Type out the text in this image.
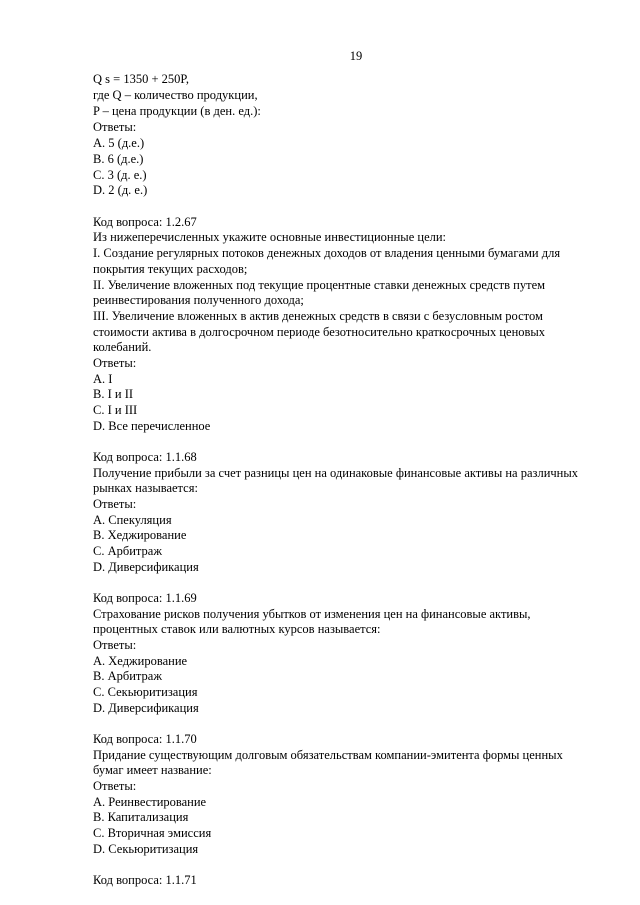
19
Q s = 1350 + 250P,
где Q – количество продукции,
P – цена продукции (в ден. ед.):
Ответы:
A. 5 (д.е.)
B. 6 (д.е.)
C. 3 (д. е.)
D. 2 (д. е.)
Код вопроса: 1.2.67
Из нижеперечисленных укажите основные инвестиционные цели:
I. Создание регулярных потоков денежных доходов от владения ценными бумагами для
покрытия текущих расходов;
II. Увеличение вложенных под текущие процентные ставки денежных средств путем
реинвестирования полученного дохода;
III. Увеличение вложенных в актив денежных средств в связи с безусловным ростом
стоимости актива в долгосрочном периоде безотносительно краткосрочных ценовых
колебаний.
Ответы:
A. I
B. I и II
C. I и III
D. Все перечисленное
Код вопроса: 1.1.68
Получение прибыли за счет разницы цен на одинаковые финансовые активы на различных
рынках называется:
Ответы:
A. Спекуляция
B. Хеджирование
C. Арбитраж
D. Диверсификация
Код вопроса: 1.1.69
Страхование рисков получения убытков от изменения цен на финансовые активы,
процентных ставок или валютных курсов называется:
Ответы:
A. Хеджирование
B. Арбитраж
C. Секьюритизация
D. Диверсификация
Код вопроса: 1.1.70
Придание существующим долговым обязательствам компании-эмитента формы ценных
бумаг имеет название:
Ответы:
A. Реинвестирование
B. Капитализация
C. Вторичная эмиссия
D. Секьюритизация
Код вопроса: 1.1.71
